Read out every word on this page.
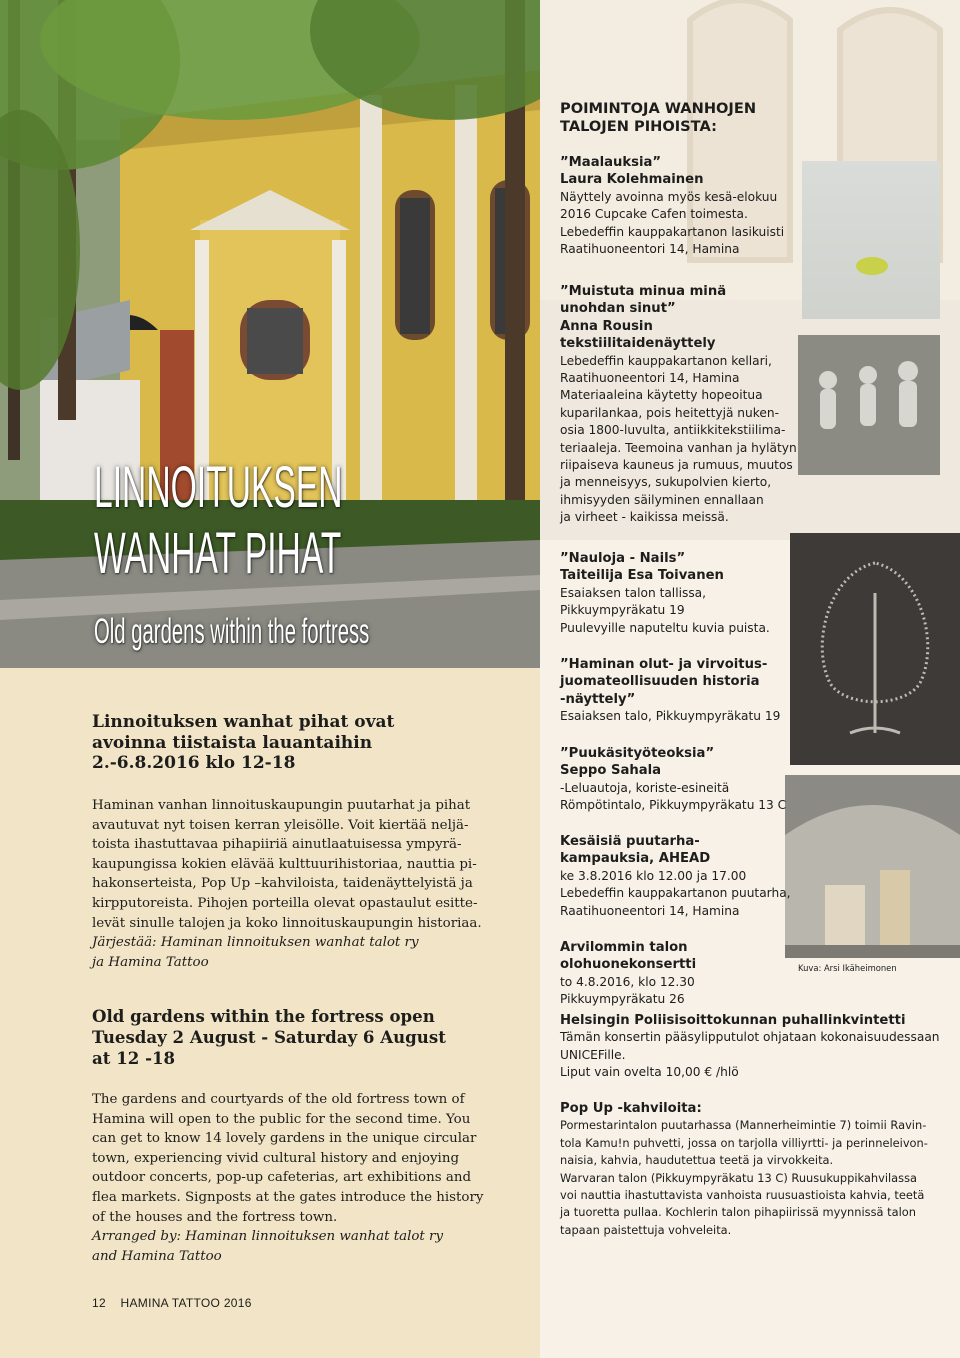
LINNOITUKSEN
WANHAT PIHAT
Old gardens within the fortress

Linnoituksen wanhat pihat ovat

avoinna tiistaista lauantaihin

2.-6.8.2016 klo 12-18

Haminan vanhan linnoituskaupungin puutarhat ja pihat

avautuvat nyt toisen kerran yleisölle. Voit kiertää neljä-

toista ihastuttavaa pihapiiriä ainutlaatuisessa ympyrä-

kaupungissa kokien elävää kulttuurihistoriaa, nauttia pi-

hakonserteista, Pop Up –kahviloista, taidenäyttelyistä ja

kirpputoreista. Pihojen porteilla olevat opastaulut esitte-

levät sinulle talojen ja koko linnoituskaupungin historiaa.

Järjestää: Haminan linnoituksen wanhat talot ry

ja Hamina Tattoo

Old gardens within the fortress open

Tuesday 2 August - Saturday 6 August

at 12 -18

The gardens and courtyards of the old fortress town of

Hamina will open to the public for the second time. You

can get to know 14 lovely gardens in the unique circular

town, experiencing vivid cultural history and enjoying

outdoor concerts, pop-up cafeterias, art exhibitions and

flea markets. Signposts at the gates introduce the history

of the houses and the fortress town.

Arranged by: Haminan linnoituksen wanhat talot ry

and Hamina Tattoo

12 HAMINA TATTOO 2016

POIMINTOJA WANHOJEN

TALOJEN PIHOISTA:

”Maalauksia”

Laura Kolehmainen

Näyttely avoinna myös kesä-elokuu

2016 Cupcake Cafen toimesta.

Lebedeffin kauppakartanon lasikuisti

Raatihuoneentori 14, Hamina

”Muistuta minua minä

unohdan sinut”

Anna Rousin

tekstiilitaidenäyttely

Lebedeffin kauppakartanon kellari,

Raatihuoneentori 14, Hamina

Materiaaleina käytetty hopeoitua

kuparilankaa, pois heitettyjä nuken-

osia 1800-luvulta, antiikkitekstiilima-

teriaaleja. Teemoina vanhan ja hylätyn

riipaiseva kauneus ja rumuus, muutos

ja menneisyys, sukupolvien kierto,

ihmisyyden säilyminen ennallaan

ja virheet - kaikissa meissä.

”Nauloja - Nails”

Taiteilija Esa Toivanen

Esaiaksen talon tallissa,

Pikkuympyräkatu 19

Puulevyille naputeltu kuvia puista.

”Haminan olut- ja virvoitus-

juomateollisuuden historia

-näyttely”

Esaiaksen talo, Pikkuympyräkatu 19

”Puukäsityöteoksia”

Seppo Sahala

-Leluautoja, koriste-esineitä

Römpötintalo, Pikkuympyräkatu 13 C

Kesäisiä puutarha-

kampauksia, AHEAD

ke 3.8.2016 klo 12.00 ja 17.00

Lebedeffin kauppakartanon puutarha,

Raatihuoneentori 14, Hamina

Arvilommin talon

olohuonekonsertti

to 4.8.2016, klo 12.30

Pikkuympyräkatu 26

Kuva: Arsi Ikäheimonen

Helsingin Poliisisoittokunnan puhallinkvintetti

Tämän konsertin pääsylipputulot ohjataan kokonaisuudessaan

UNICEFille.

Liput vain ovelta 10,00 € /hlö

Pop Up -kahviloita:

Pormestarintalon puutarhassa (Mannerheimintie 7) toimii Ravin-

tola Kamu!n puhvetti, jossa on tarjolla villiyrtti- ja perinneleivon-

naisia, kahvia, haudutettua teetä ja virvokkeita.

Warvaran talon (Pikkuympyräkatu 13 C) Ruusukuppikahvilassa

voi nauttia ihastuttavista vanhoista ruusuastioista kahvia, teetä

ja tuoretta pullaa. Kochlerin talon pihapiirissä myynnissä talon

tapaan paistettuja vohveleita.
